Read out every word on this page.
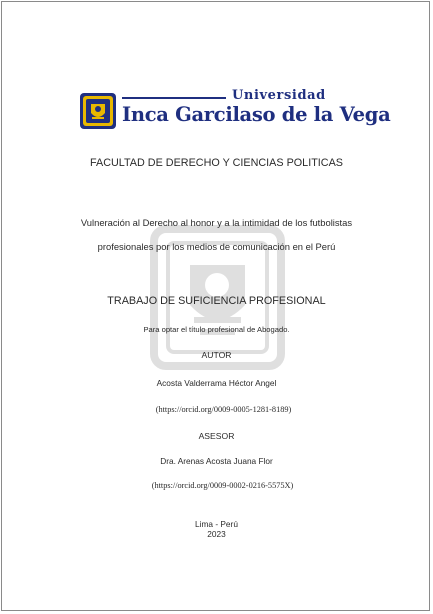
Universidad
Inca Garcilaso de la Vega
FACULTAD DE DERECHO Y CIENCIAS POLITICAS
Vulneración al Derecho al honor y a la intimidad de los futbolistas
profesionales por los medios de comunicación en el Perú
TRABAJO DE SUFICIENCIA PROFESIONAL
Para optar el título profesional de Abogado.
AUTOR
Acosta Valderrama Héctor Angel
(https://orcid.org/0009-0005-1281-8189)
ASESOR
Dra. Arenas Acosta Juana Flor
(https://orcid.org/0009-0002-0216-5575X)
Lima - Perú
2023
